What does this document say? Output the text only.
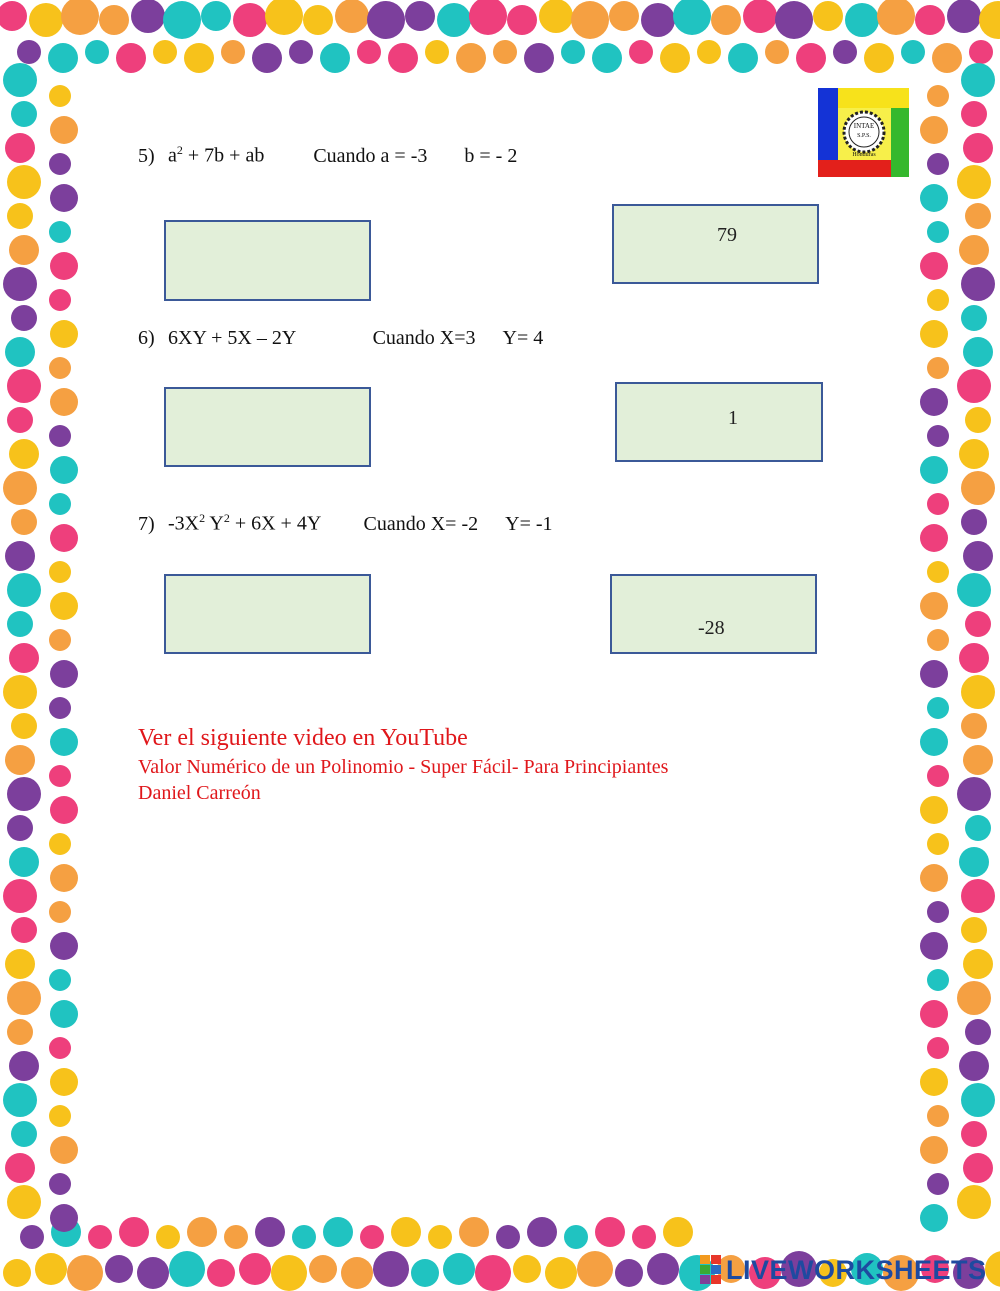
INTAE
S.P.S.
Honduras
5) $a^2 + 7b$ + ab Cuando a = -3 b = - 2
79
6) 6XY + 5X – 2Y	Cuando X=3 Y= 4
1
7) $-3X^2$ $Y^2 + 6X + 4Y$ Cuando X= -2 Y= -1
-28
Ver el siguiente video en YouTube
Valor Numérico de un Polinomio - Super Fácil- Para Principiantes
Daniel Carreón
LIVEWORKSHEETS
